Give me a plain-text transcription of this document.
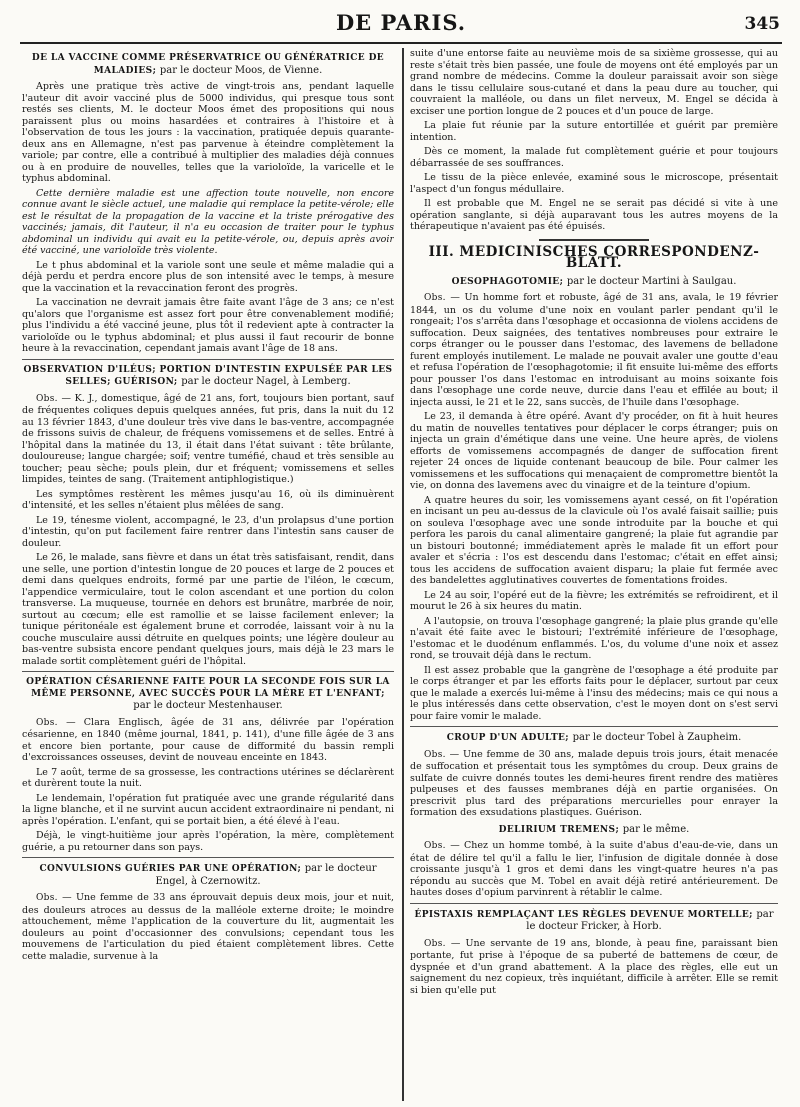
DE PARIS.	345
DE LA VACCINE COMME PRÉSERVATRICE OU GÉNÉRATRICE DE MALADIES; par le docteur Moos, de Vienne.

Après une pratique très active de vingt-trois ans, pendant laquelle l'auteur dit avoir vacciné plus de 5000 individus, qui presque tous sont restés ses clients, M. le docteur Moos émet des propositions qui nous paraissent plus ou moins hasardées et contraires à l'histoire et à l'observation de tous les jours : la vaccination, pratiquée depuis quarante-deux ans en Allemagne, n'est pas parvenue à éteindre complètement la variole; par contre, elle a contribué à multiplier des maladies déjà connues ou à en produire de nouvelles, telles que la varioloïde, la varicelle et le typhus abdominal.

Cette dernière maladie est une affection toute nouvelle, non encore connue avant le siècle actuel, une maladie qui remplace la petite-vérole; elle est le résultat de la propagation de la vaccine et la triste prérogative des vaccinés; jamais, dit l'auteur, il n'a eu occasion de traiter pour le typhus abdominal un individu qui avait eu la petite-vérole, ou, depuis après avoir été vacciné, une varioloïde très violente.

Le t phus abdominal et la variole sont une seule et même maladie qui a déjà perdu et perdra encore plus de son intensité avec le temps, à mesure que la vaccination et la revaccination feront des progrès.

La vaccination ne devrait jamais être faite avant l'âge de 3 ans; ce n'est qu'alors que l'organisme est assez fort pour être convenablement modifié; plus l'individu a été vacciné jeune, plus tôt il redevient apte à contracter la varioloïde ou le typhus abdominal; et plus aussi il faut recourir de bonne heure à la revaccination, cependant jamais avant l'âge de 18 ans.

OBSERVATION D'ILÉUS; PORTION D'INTESTIN EXPULSÉE PAR LES SELLES; GUÉRISON; par le docteur Nagel, à Lemberg.

Obs. — K. J., domestique, âgé de 21 ans, fort, toujours bien portant, sauf de fréquentes coliques depuis quelques années, fut pris, dans la nuit du 12 au 13 février 1843, d'une douleur très vive dans le bas-ventre, accompagnée de frissons suivis de chaleur, de fréquens vomissemens et de selles. Entré à l'hôpital dans la matinée du 13, il était dans l'état suivant : tête brûlante, douloureuse; langue chargée; soif; ventre tuméfié, chaud et très sensible au toucher; peau sèche; pouls plein, dur et fréquent; vomissemens et selles limpides, teintes de sang. (Traitement antiphlogistique.)

Les symptômes restèrent les mêmes jusqu'au 16, où ils diminuèrent d'intensité, et les selles n'étaient plus mêlées de sang.

Le 19, ténesme violent, accompagné, le 23, d'un prolapsus d'une portion d'intestin, qu'on put facilement faire rentrer dans l'intestin sans causer de douleur.

Le 26, le malade, sans fièvre et dans un état très satisfaisant, rendit, dans une selle, une portion d'intestin longue de 20 pouces et large de 2 pouces et demi dans quelques endroits, formé par une partie de l'iléon, le cœcum, l'appendice vermiculaire, tout le colon ascendant et une portion du colon transverse. La muqueuse, tournée en dehors est brunâtre, marbrée de noir, surtout au cœcum; elle est ramollie et se laisse facilement enlever; la tunique péritonéale est également brune et corrodée, laissant voir à nu la couche musculaire aussi détruite en quelques points; une légère douleur au bas-ventre subsista encore pendant quelques jours, mais déjà le 23 mars le malade sortit complètement guéri de l'hôpital.

OPÉRATION CÉSARIENNE FAITE POUR LA SECONDE FOIS SUR LA MÊME PERSONNE, AVEC SUCCÈS POUR LA MÈRE ET L'ENFANT; par le docteur Mestenhauser.

Obs. — Clara Englisch, âgée de 31 ans, délivrée par l'opération césarienne, en 1840 (même journal, 1841, p. 141), d'une fille âgée de 3 ans et encore bien portante, pour cause de difformité du bassin rempli d'excroissances osseuses, devint de nouveau enceinte en 1843.

Le 7 août, terme de sa grossesse, les contractions utérines se déclarèrent et durèrent toute la nuit.

Le lendemain, l'opération fut pratiquée avec une grande régularité dans la ligne blanche, et il ne survint aucun accident extraordinaire ni pendant, ni après l'opération. L'enfant, qui se portait bien, a été élevé à l'eau.

Déjà, le vingt-huitième jour après l'opération, la mère, complètement guérie, a pu retourner dans son pays.

CONVULSIONS GUÉRIES PAR UNE OPÉRATION; par le docteur Engel, à Czernowitz.

Obs. — Une femme de 33 ans éprouvait depuis deux mois, jour et nuit, des douleurs atroces au dessus de la malléole externe droite; le moindre attouchement, même l'application de la couverture du lit, augmentait les douleurs au point d'occasionner des convulsions; cependant tous les mouvemens de l'articulation du pied étaient complètement libres. Cette cette maladie, survenue à la

suite d'une entorse faite au neuvième mois de sa sixième grossesse, qui au reste s'était très bien passée, une foule de moyens ont été employés par un grand nombre de médecins. Comme la douleur paraissait avoir son siège dans le tissu cellulaire sous-cutané et dans la peau dure au toucher, qui couvraient la malléole, ou dans un filet nerveux, M. Engel se décida à exciser une portion longue de 2 pouces et d'un pouce de large.

La plaie fut réunie par la suture entortillée et guérit par première intention.

Dès ce moment, la malade fut complètement guérie et pour toujours débarrassée de ses souffrances.

Le tissu de la pièce enlevée, examiné sous le microscope, présentait l'aspect d'un fongus médullaire.

Il est probable que M. Engel ne se serait pas décidé si vite à une opération sanglante, si déjà auparavant tous les autres moyens de la thérapeutique n'avaient pas été épuisés.

III. MEDICINISCHES CORRESPONDENZ-BLATT.
OESOPHAGOTOMIE; par le docteur Martini à Saulgau.

Obs. — Un homme fort et robuste, âgé de 31 ans, avala, le 19 février 1844, un os du volume d'une noix en voulant parler pendant qu'il le rongeait; l'os s'arrêta dans l'œsophage et occasionna de violens accidens de suffocation. Deux saignées, des tentatives nombreuses pour extraire le corps étranger ou le pousser dans l'estomac, des lavemens de belladone furent employés inutilement. Le malade ne pouvait avaler une goutte d'eau et refusa l'opération de l'œsophagotomie; il fit ensuite lui-même des efforts pour pousser l'os dans l'estomac en introduisant au moins soixante fois dans l'œsophage une corde neuve, durcie dans l'eau et effilée au bout; il injecta aussi, le 21 et le 22, sans succès, de l'huile dans l'œsophage.

Le 23, il demanda à être opéré. Avant d'y procéder, on fit à huit heures du matin de nouvelles tentatives pour déplacer le corps étranger; puis on injecta un grain d'émétique dans une veine. Une heure après, de violens efforts de vomissemens accompagnés de danger de suffocation firent rejeter 24 onces de liquide contenant beaucoup de bile. Pour calmer les vomissemens et les suffocations qui menaçaient de compromettre bientôt la vie, on donna des lavemens avec du vinaigre et de la teinture d'opium.

A quatre heures du soir, les vomissemens ayant cessé, on fit l'opération en incisant un peu au-dessus de la clavicule où l'os avalé faisait saillie; puis on souleva l'œsophage avec une sonde introduite par la bouche et qui perfora les parois du canal alimentaire gangrené; la plaie fut agrandie par un bistouri boutonné; immédiatement après le malade fit un effort pour avaler et s'écria : l'os est descendu dans l'estomac; c'était en effet ainsi; tous les accidens de suffocation avaient disparu; la plaie fut fermée avec des bandelettes agglutinatives couvertes de fomentations froides.

Le 24 au soir, l'opéré eut de la fièvre; les extrémités se refroidirent, et il mourut le 26 à six heures du matin.

A l'autopsie, on trouva l'œsophage gangrené; la plaie plus grande qu'elle n'avait été faite avec le bistouri; l'extrémité inférieure de l'œsophage, l'estomac et le duodénum enflammés. L'os, du volume d'une noix et assez rond, se trouvait déjà dans le rectum.

Il est assez probable que la gangrène de l'œsophage a été produite par le corps étranger et par les efforts faits pour le déplacer, surtout par ceux que le malade a exercés lui-même à l'insu des médecins; mais ce qui nous a le plus intéressés dans cette observation, c'est le moyen dont on s'est servi pour faire vomir le malade.

CROUP D'UN ADULTE; par le docteur Tobel à Zaupheim.

Obs. — Une femme de 30 ans, malade depuis trois jours, était menacée de suffocation et présentait tous les symptômes du croup. Deux grains de sulfate de cuivre donnés toutes les demi-heures firent rendre des matières pulpeuses et des fausses membranes déjà en partie organisées. On prescrivit plus tard des préparations mercurielles pour enrayer la formation des exsudations plastiques. Guérison.

DELIRIUM TREMENS; par le même.

Obs. — Chez un homme tombé, à la suite d'abus d'eau-de-vie, dans un état de délire tel qu'il a fallu le lier, l'infusion de digitale donnée à dose croissante jusqu'à 1 gros et demi dans les vingt-quatre heures n'a pas répondu au succès que M. Tobel en avait déjà retiré antérieurement. De hautes doses d'opium parvinrent à rétablir le calme.

ÉPISTAXIS REMPLAÇANT LES RÈGLES DEVENUE MORTELLE; par le docteur Fricker, à Horb.

Obs. — Une servante de 19 ans, blonde, à peau fine, paraissant bien portante, fut prise à l'époque de sa puberté de battemens de cœur, de dyspnée et d'un grand abattement. A la place des règles, elle eut un saignement du nez copieux, très inquiétant, difficile à arrêter. Elle se remit si bien qu'elle put
